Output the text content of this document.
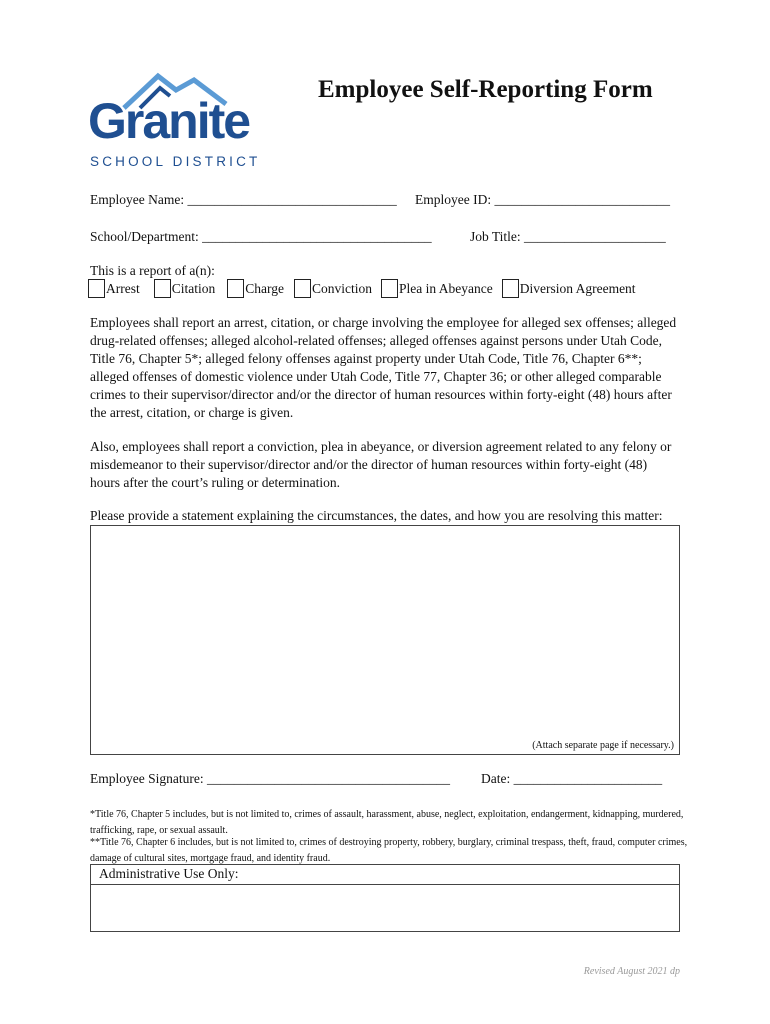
Granite
SCHOOL DISTRICT
Employee Self-Reporting Form
Employee Name: _______________________________ Employee ID: __________________________
School/Department: __________________________________	Job Title: _____________________
This is a report of a(n):
Arrest Citation Charge Conviction Plea in Abeyance Diversion Agreement
Employees shall report an arrest, citation, or charge involving the employee for alleged sex offenses; alleged drug-related offenses; alleged alcohol-related offenses; alleged offenses against persons under Utah Code, Title 76, Chapter 5*; alleged felony offenses against property under Utah Code, Title 76, Chapter 6**; alleged offenses of domestic violence under Utah Code, Title 77, Chapter 36; or other alleged comparable crimes to their supervisor/director and/or the director of human resources within forty-eight (48) hours after the arrest, citation, or charge is given.
Also, employees shall report a conviction, plea in abeyance, or diversion agreement related to any felony or misdemeanor to their supervisor/director and/or the director of human resources within forty-eight (48) hours after the court’s ruling or determination.
Please provide a statement explaining the circumstances, the dates, and how you are resolving this matter:
(Attach separate page if necessary.)
Employee Signature: ____________________________________ Date: ______________________
*Title 76, Chapter 5 includes, but is not limited to, crimes of assault, harassment, abuse, neglect, exploitation, endangerment, kidnapping, murdered, trafficking, rape, or sexual assault.
**Title 76, Chapter 6 includes, but is not limited to, crimes of destroying property, robbery, burglary, criminal trespass, theft, fraud, computer crimes, damage of cultural sites, mortgage fraud, and identity fraud.
Administrative Use Only:
Revised August 2021 dp
